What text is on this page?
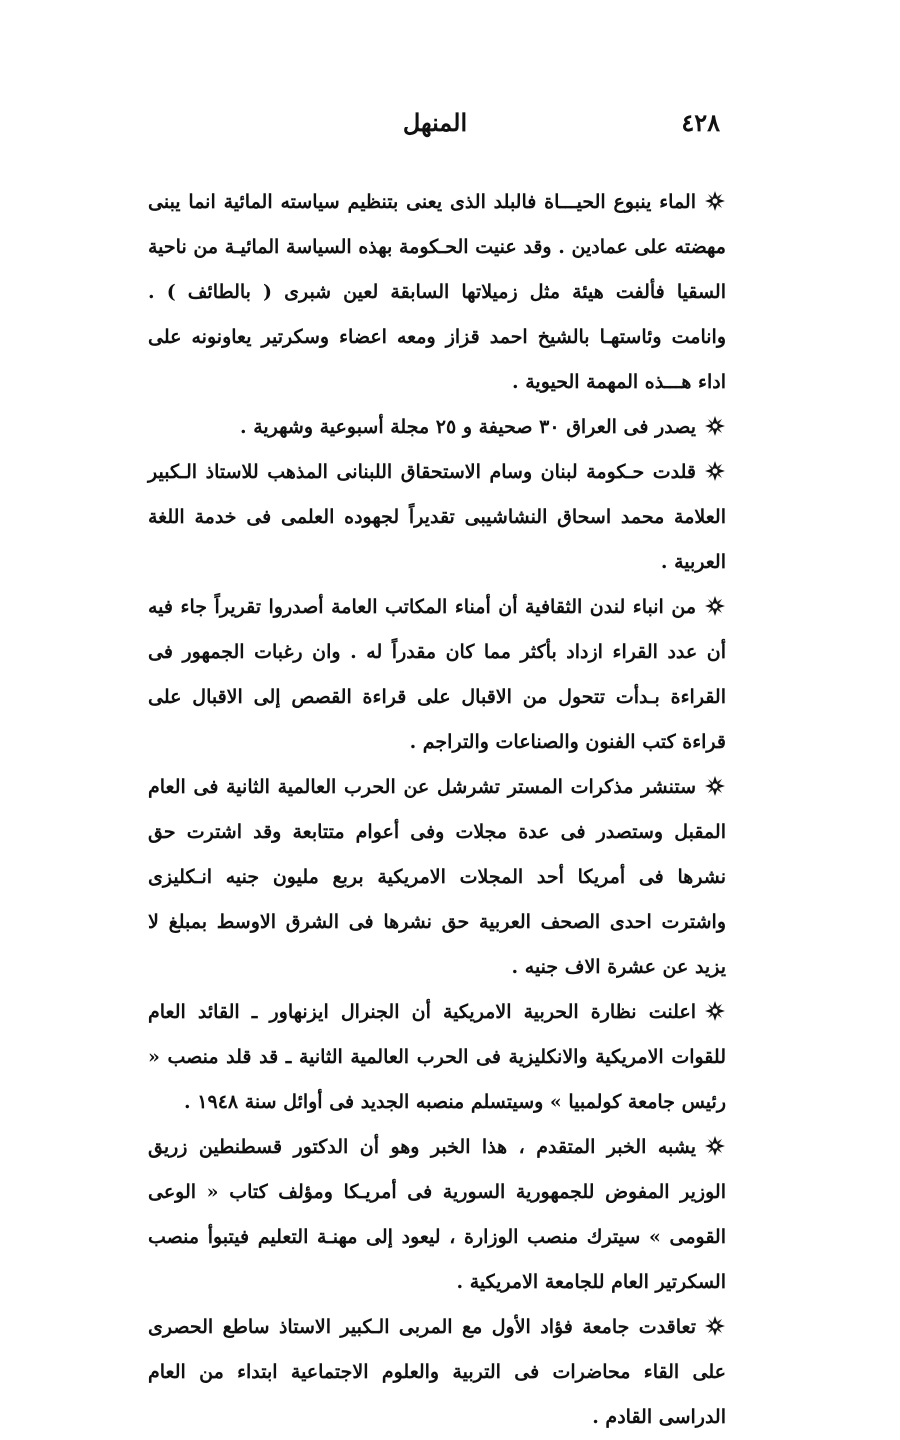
٤٢٨
المنهل

الماء ينبوع الحيـــاة فالبلد الذى يعنى بتنظيم سياسته المائية انما يبنى مهضته على عمادين . وقد عنيت الحـكومة بهذه السياسة المائيـة من ناحية السقيا فألفت هيئة مثل زميلاتها السابقة لعين شبرى ( بالطائف ) . وانامت وئاستهـا بالشيخ احمد قزاز ومعه اعضاء وسكرتير يعاونونه على اداء هـــذه المهمة الحيوية .

يصدر فى العراق ٣٠ صحيفة و ٢٥ مجلة أسبوعية وشهرية .

قلدت حـكومة لبنان وسام الاستحقاق اللبنانى المذهب للاستاذ الـكبير العلامة محمد اسحاق النشاشيبى تقديراً لجهوده العلمى فى خدمة اللغة العربية .

من انباء لندن الثقافية أن أمناء المكاتب العامة أصدروا تقريراً جاء فيه أن عدد القراء ازداد بأكثر مما كان مقدراً له . وان رغبات الجمهور فى القراءة بـدأت تتحول من الاقبال على قراءة القصص إلى الاقبال على قراءة كتب الفنون والصناعات والتراجم .

ستنشر مذكرات المستر تشرشل عن الحرب العالمية الثانية فى العام المقبل وستصدر فى عدة مجلات وفى أعوام متتابعة وقد اشترت حق نشرها فى أمريكا أحد المجلات الامريكية بربع مليون جنيه انـكليزى واشترت احدى الصحف العربية حق نشرها فى الشرق الاوسط بمبلغ لا يزيد عن عشرة الاف جنيه .

اعلنت نظارة الحربية الامريكية أن الجنرال ايزنهاور ـ القائد العام للقوات الامريكية والانكليزية فى الحرب العالمية الثانية ـ قد قلد منصب « رئيس جامعة كولمبيا » وسيتسلم منصبه الجديد فى أوائل سنة ١٩٤٨ .

يشبه الخبر المتقدم ، هذا الخبر وهو أن الدكتور قسطنطين زريق الوزير المفوض للجمهورية السورية فى أمريـكا ومؤلف كتاب « الوعى القومى » سيترك منصب الوزارة ، ليعود إلى مهنـة التعليم فيتبوأ منصب السكرتير العام للجامعة الامريكية .

تعاقدت جامعة فؤاد الأول مع المربى الـكبير الاستاذ ساطع الحصرى على القاء محاضرات فى التربية والعلوم الاجتماعية ابتداء من العام الدراسى القادم .
